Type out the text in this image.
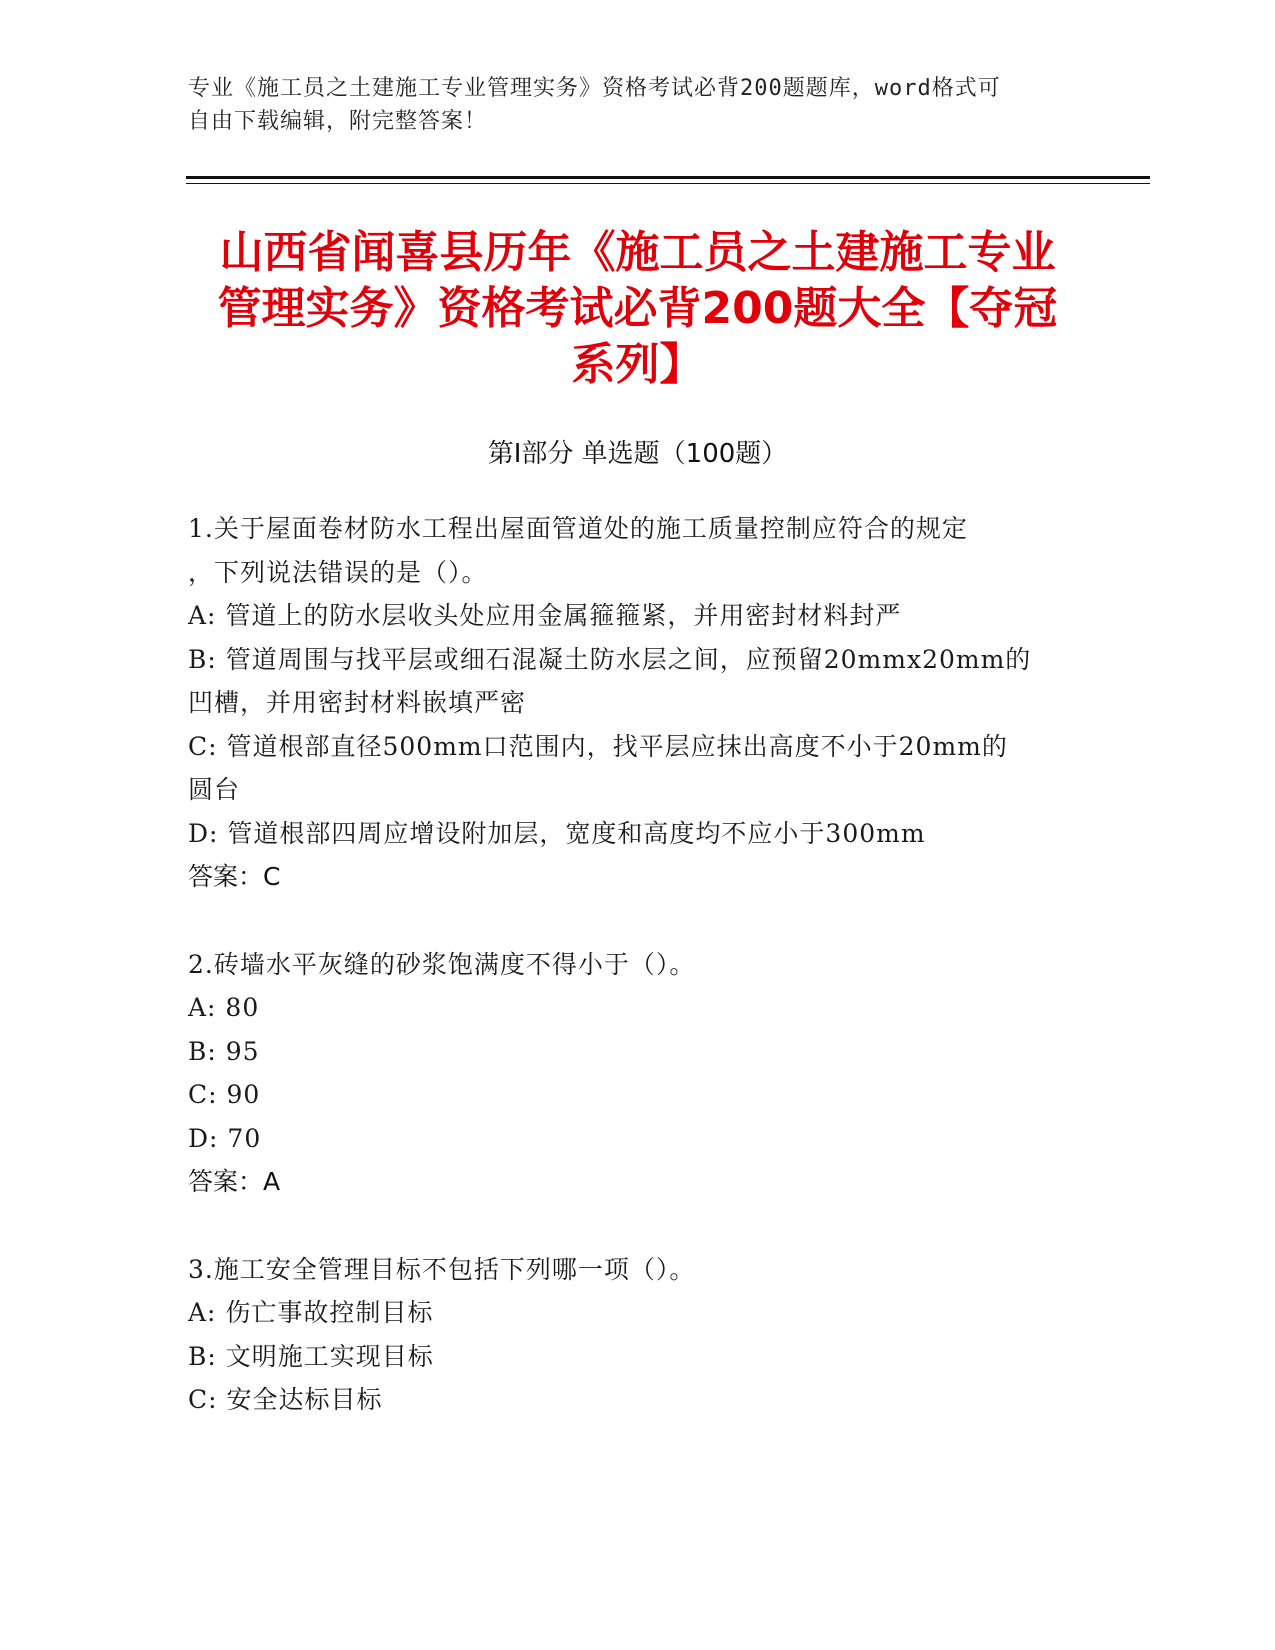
专业《施工员之土建施工专业管理实务》资格考试必背200题题库，word格式可
自由下载编辑，附完整答案！
山西省闻喜县历年《施工员之土建施工专业
管理实务》资格考试必背200题大全【夺冠
系列】
第Ⅰ部分 单选题（100题）
1.关于屋面卷材防水工程出屋面管道处的施工质量控制应符合的规定
，下列说法错误的是（）。
A: 管道上的防水层收头处应用金属箍箍紧，并用密封材料封严
B: 管道周围与找平层或细石混凝土防水层之间，应预留20mmx20mm的
凹槽，并用密封材料嵌填严密
C: 管道根部直径500mm口范围内，找平层应抹出高度不小于20mm的
圆台
D: 管道根部四周应增设附加层，宽度和高度均不应小于300mm
答案：C
2.砖墙水平灰缝的砂浆饱满度不得小于（）。
A: 80
B: 95
C: 90
D: 70
答案：A
3.施工安全管理目标不包括下列哪一项（）。
A: 伤亡事故控制目标
B: 文明施工实现目标
C: 安全达标目标
